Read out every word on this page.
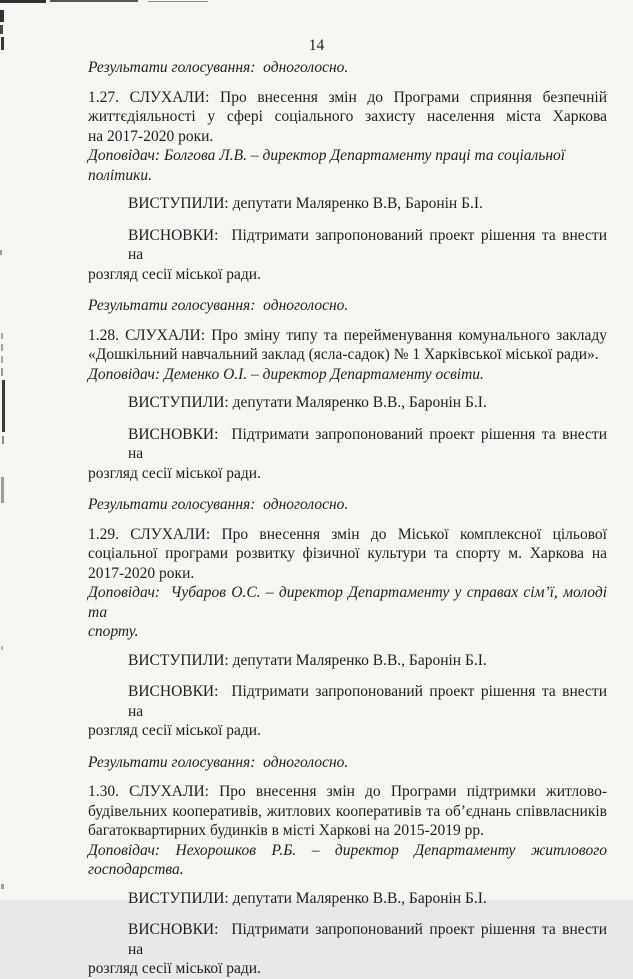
14
Результати голосування:  одноголосно.
1.27. СЛУХАЛИ: Про внесення змін до Програми сприяння безпечній
життєдіяльності у сфері соціального захисту населення міста Харкова
на 2017-2020 роки.
Доповідач: Болгова Л.В. – директор Департаменту праці та соціальної політики.
ВИСТУПИЛИ: депутати Маляренко В.В, Баронін Б.І.
ВИСНОВКИ:  Підтримати запропонований проект рішення та внести на
розгляд сесії міської ради.
Результати голосування:  одноголосно.
1.28. СЛУХАЛИ: Про зміну типу та перейменування комунального закладу
«Дошкільний навчальний заклад (ясла-садок) № 1 Харківської міської ради».
Доповідач: Деменко О.І. – директор Департаменту освіти.
ВИСТУПИЛИ: депутати Маляренко В.В., Баронін Б.І.
ВИСНОВКИ:  Підтримати запропонований проект рішення та внести на
розгляд сесії міської ради.
Результати голосування:  одноголосно.
1.29. СЛУХАЛИ: Про внесення змін до Міської комплексної цільової
соціальної програми розвитку фізичної культури та спорту м. Харкова на
2017-2020 роки.
Доповідач:  Чубаров О.С. – директор Департаменту у справах сім’ї, молоді та
спорту.
ВИСТУПИЛИ: депутати Маляренко В.В., Баронін Б.І.
ВИСНОВКИ:  Підтримати запропонований проект рішення та внести на
розгляд сесії міської ради.
Результати голосування:  одноголосно.
1.30. СЛУХАЛИ: Про внесення змін до Програми підтримки житлово-
будівельних кооперативів, житлових кооперативів та об’єднань співвласників
багатоквартирних будинків в місті Харкові на 2015-2019 рр.
Доповідач: Нехорошков Р.Б. – директор Департаменту житлового
господарства.
ВИСТУПИЛИ: депутати Маляренко В.В., Баронін Б.І.
ВИСНОВКИ:  Підтримати запропонований проект рішення та внести на
розгляд сесії міської ради.
